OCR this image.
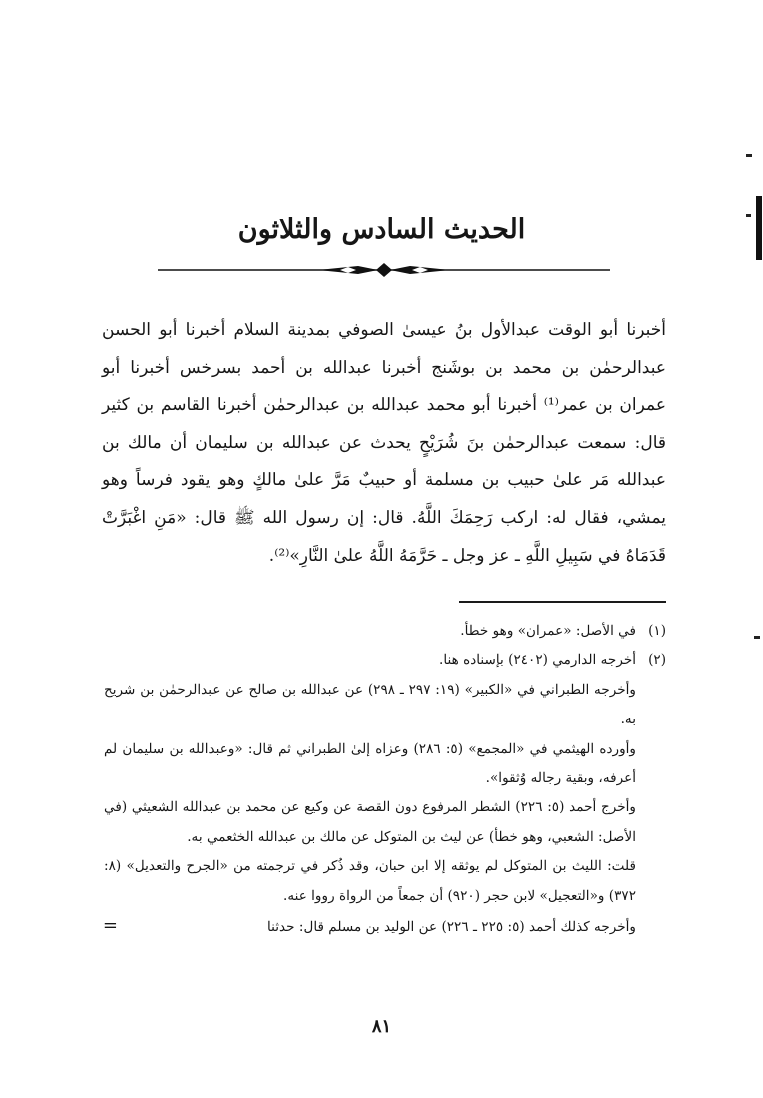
الحديث السادس والثلاثون

أخبرنا أبو الوقت عبدالأول بنُ عيسىٰ الصوفي بمدينة السلام أخبرنا أبو الحسن عبدالرحمٰن بن محمد بن بوشَنج أخبرنا عبدالله بن أحمد بسرخس أخبرنا أبو عمران بن عمر⁽¹⁾ أخبرنا أبو محمد عبدالله بن عبدالرحمٰن أخبرنا القاسم بن كثير قال: سمعت عبدالرحمٰن بنَ شُرَيْحٍ يحدث عن عبدالله بن سليمان أن مالك بن عبدالله مَر علىٰ حبيب بن مسلمة أو حبيبٌ مَرَّ علىٰ مالكٍ وهو يقود فرساً وهو يمشي، فقال له: اركب رَحِمَكَ اللَّهُ. قال: إن رسول الله ﷺ قال: «مَنِ اغْبَرَّتْ قَدَمَاهُ في سَبِيلِ اللَّهِ ـ عز وجل ـ حَرَّمَهُ اللَّهُ علىٰ النَّارِ»⁽²⁾.

(١)
في الأصل: «عمران» وهو خطأ.
(٢)
أخرجه الدارمي (٢٤٠٢) بإسناده هنا.
وأخرجه الطبراني في «الكبير» (١٩: ٢٩٧ ـ ٢٩٨) عن عبدالله بن صالح عن عبدالرحمٰن بن شريح به.
وأورده الهيثمي في «المجمع» (٥: ٢٨٦) وعزاه إلىٰ الطبراني ثم قال: «وعبدالله بن سليمان لم أعرفه، وبقية رجاله وُثقوا».
وأخرج أحمد (٥: ٢٢٦) الشطر المرفوع دون القصة عن وكيع عن محمد بن عبدالله الشعيثي (في الأصل: الشعبي، وهو خطأ) عن ليث بن المتوكل عن مالك بن عبدالله الخثعمي به.
قلت: الليث بن المتوكل لم يوثقه إلا ابن حبان، وقد ذُكر في ترجمته من «الجرح والتعديل» (٨: ٣٧٢) و«التعجيل» لابن حجر (٩٢٠) أن جمعاً من الرواة رووا عنه.
وأخرجه كذلك أحمد (٥: ٢٢٥ ـ ٢٢٦) عن الوليد بن مسلم قال: حدثنا
=
٨١
